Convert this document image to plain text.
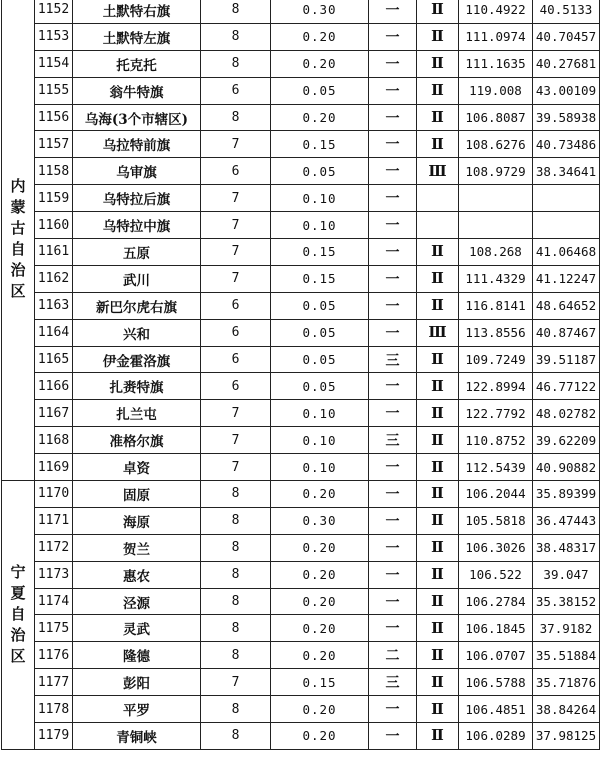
内蒙古自治区	1152	土默特右旗	8	0.30	一	Ⅱ	110.4922	40.5133
	1153	土默特左旗	8	0.20	一	Ⅱ	111.0974	40.70457
	1154	托克托	8	0.20	一	Ⅱ	111.1635	40.27681
	1155	翁牛特旗	6	0.05	一	Ⅱ	119.008	43.00109
	1156	乌海(3个市辖区)	8	0.20	一	Ⅱ	106.8087	39.58938
	1157	乌拉特前旗	7	0.15	一	Ⅱ	108.6276	40.73486
	1158	乌审旗	6	0.05	一	Ⅲ	108.9729	38.34641
	1159	乌特拉后旗	7	0.10	一			
	1160	乌特拉中旗	7	0.10	一			
	1161	五原	7	0.15	一	Ⅱ	108.268	41.06468
	1162	武川	7	0.15	一	Ⅱ	111.4329	41.12247
	1163	新巴尔虎右旗	6	0.05	一	Ⅱ	116.8141	48.64652
	1164	兴和	6	0.05	一	Ⅲ	113.8556	40.87467
	1165	伊金霍洛旗	6	0.05	三	Ⅱ	109.7249	39.51187
	1166	扎赉特旗	6	0.05	一	Ⅱ	122.8994	46.77122
	1167	扎兰屯	7	0.10	一	Ⅱ	122.7792	48.02782
	1168	准格尔旗	7	0.10	三	Ⅱ	110.8752	39.62209
	1169	卓资	7	0.10	一	Ⅱ	112.5439	40.90882

宁夏自治区	1170	固原	8	0.20	一	Ⅱ	106.2044	35.89399
	1171	海原	8	0.30	一	Ⅱ	105.5818	36.47443
	1172	贺兰	8	0.20	一	Ⅱ	106.3026	38.48317
	1173	惠农	8	0.20	一	Ⅱ	106.522	39.047
	1174	泾源	8	0.20	一	Ⅱ	106.2784	35.38152
	1175	灵武	8	0.20	一	Ⅱ	106.1845	37.9182
	1176	隆德	8	0.20	二	Ⅱ	106.0707	35.51884
	1177	彭阳	7	0.15	三	Ⅱ	106.5788	35.71876
	1178	平罗	8	0.20	一	Ⅱ	106.4851	38.84264
	1179	青铜峡	8	0.20	一	Ⅱ	106.0289	37.98125
